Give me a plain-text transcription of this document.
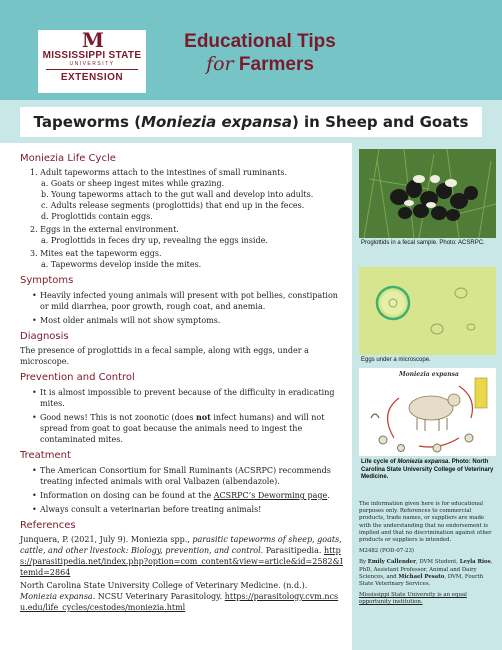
M
MISSISSIPPI STATE
UNIVERSITY
EXTENSION
Educational Tips
for Farmers
Tapeworms (Moniezia expansa) in Sheep and Goats
Moniezia Life Cycle
1. Adult tapeworms attach to the intestines of small ruminants.
a. Goats or sheep ingest mites while grazing.
b. Young tapeworms attach to the gut wall and develop into adults.
c. Adults release segments (proglottids) that end up in the feces.
d. Proglottids contain eggs.
2. Eggs in the external environment.
a. Proglottids in feces dry up, revealing the eggs inside.
3. Mites eat the tapeworm eggs.
a. Tapeworms develop inside the mites.
Symptoms
• Heavily infected young animals will present with pot bellies, constipation or mild diarrhea, poor growth, rough coat, and anemia.
• Most older animals will not show symptoms.
Diagnosis
The presence of proglottids in a fecal sample, along with eggs, under a microscope.
Prevention and Control
• It is almost impossible to prevent because of the difficulty in eradicating mites.
• Good news! This is not zoonotic (does not infect humans) and will not spread from goat to goat because the animals need to ingest the contaminated mites.
Treatment
• The American Consortium for Small Ruminants (ACSRPC) recommends treating infected animals with oral Valbazen (albendazole).
• Information on dosing can be found at the ACSRPC’s Deworming page.
• Always consult a veterinarian before treating animals!
References
Junquera, P. (2021, July 9). Moniezia spp., parasitic tapeworms of sheep, goats, cattle, and other livestock: Biology, prevention, and control. Parasitipedia. https://parasitipedia.net/index.php?option=com_content&view=article&id=2582&Itemid=2864
North Carolina State University College of Veterinary Medicine. (n.d.). Moniezia expansa. NCSU Veterinary Parasitology. https://parasitology.cvm.ncsu.edu/life_cycles/cestodes/moniezia.html
Proglottids in a fecal sample. Photo: ACSRPC.
Eggs under a microscope.
Moniezia expansa
Life cycle of Moniezia expansa. Photo: North Carolina State University College of Veterinary Medicine.

The information given here is for educational purposes only. References to commercial products, trade names, or suppliers are made with the understanding that no endorsement is implied and that no discrimination against other products or suppliers is intended.

M2482 (POD-07-23)

By Emily Callender, DVM Student, Leyla Rios, PhD, Assistant Professor, Animal and Dairy Sciences, and Michael Pesato, DVM, Fourth State Veterinary Services.

Mississippi State University is an equal opportunity institution.
